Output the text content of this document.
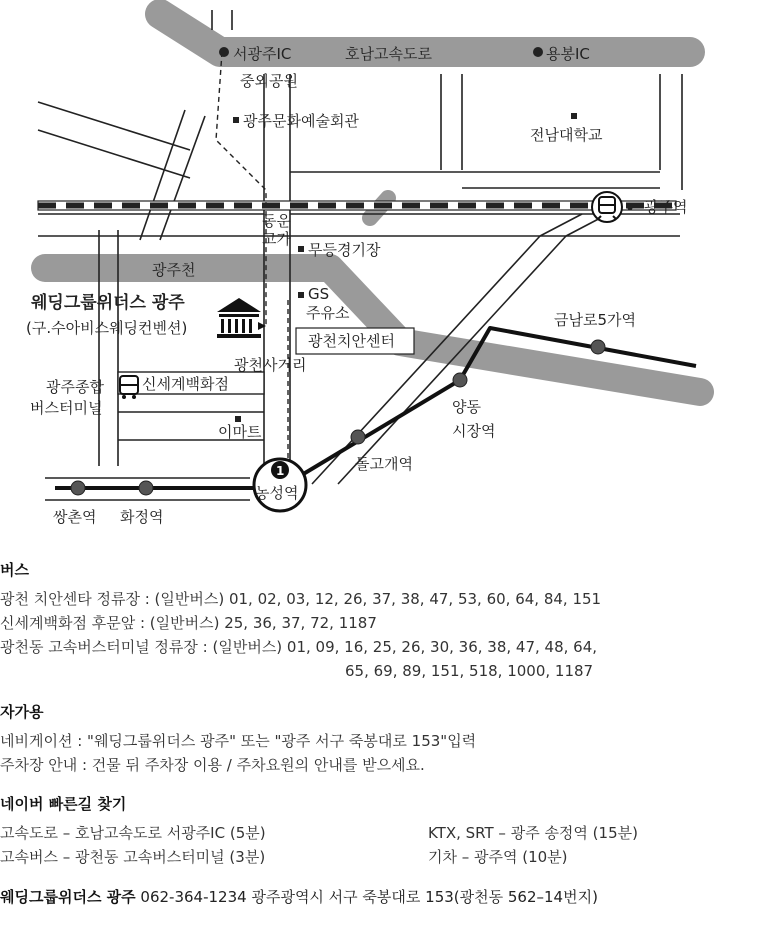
서광주IC	호남고속도로	용봉IC
중외공원
광주문화예술회관
전남대학교
동운
고가
무등경기장
광주천
GS
주유소
웨딩그룹위더스 광주
(구.수아비스웨딩컨벤션)
광천치안센터
광천사거리
광주종합
버스터미널
신세계백화점
이마트
광주역
금남로5가역
양동
시장역
돌고개역
1
농성역
쌍촌역 화정역
버스
광천 치안센타 정류장 : (일반버스) 01, 02, 03, 12, 26, 37, 38, 47, 53, 60, 64, 84, 151
신세계백화점 후문앞 : (일반버스) 25, 36, 37, 72, 1187
광천동 고속버스터미널 정류장 : (일반버스) 01, 09, 16, 25, 26, 30, 36, 38, 47, 48, 64,
65, 69, 89, 151, 518, 1000, 1187
자가용
네비게이션 : "웨딩그룹위더스 광주" 또는 "광주 서구 죽봉대로 153"입력
주차장 안내 : 건물 뒤 주차장 이용 / 주차요원의 안내를 받으세요.
네이버 빠른길 찾기
고속도로 – 호남고속도로 서광주IC (5분)	KTX, SRT – 광주 송정역 (15분)
고속버스 – 광천동 고속버스터미널 (3분)	기차 – 광주역 (10분)
웨딩그룹위더스 광주 062-364-1234 광주광역시 서구 죽봉대로 153(광천동 562–14번지)
